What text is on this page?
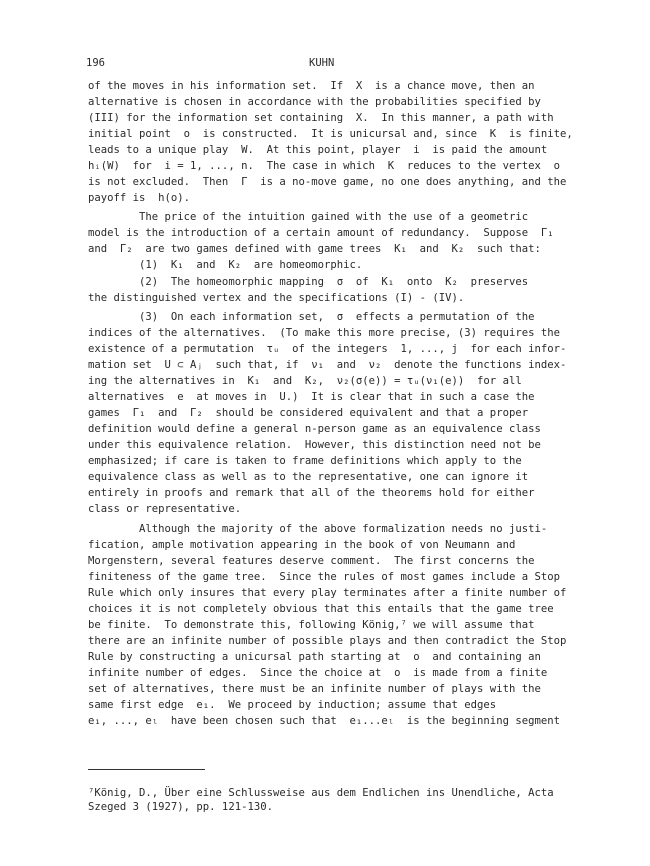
196	KUHN
of the moves in his information set.  If  X  is a chance move, then an
alternative is chosen in accordance with the probabilities specified by
(III) for the information set containing  X.  In this manner, a path with
initial point  o  is constructed.  It is unicursal and, since  K  is finite,
leads to a unique play  W.  At this point, player  i  is paid the amount
hᵢ(W)  for  i = 1, ..., n.  The case in which  K  reduces to the vertex  o
is not excluded.  Then  Γ  is a no-move game, no one does anything, and the
payoff is  h(o).
The price of the intuition gained with the use of a geometric
model is the introduction of a certain amount of redundancy.  Suppose  Γ₁
and  Γ₂  are two games defined with game trees  K₁  and  K₂  such that:
(1)  K₁  and  K₂  are homeomorphic.
(2)  The homeomorphic mapping  σ  of  K₁  onto  K₂  preserves
the distinguished vertex and the specifications (I) - (IV).
(3)  On each information set,  σ  effects a permutation of the
indices of the alternatives.  (To make this more precise, (3) requires the
existence of a permutation  τᵤ  of the integers  1, ..., j  for each infor-
mation set  U ⊂ Aⱼ  such that, if  ν₁  and  ν₂  denote the functions index-
ing the alternatives in  K₁  and  K₂,  ν₂(σ(e)) = τᵤ(ν₁(e))  for all
alternatives  e  at moves in  U.)  It is clear that in such a case the
games  Γ₁  and  Γ₂  should be considered equivalent and that a proper
definition would define a general n-person game as an equivalence class
under this equivalence relation.  However, this distinction need not be
emphasized; if care is taken to frame definitions which apply to the
equivalence class as well as to the representative, one can ignore it
entirely in proofs and remark that all of the theorems hold for either
class or representative.
Although the majority of the above formalization needs no justi-
fication, ample motivation appearing in the book of von Neumann and
Morgenstern, several features deserve comment.  The first concerns the
finiteness of the game tree.  Since the rules of most games include a Stop
Rule which only insures that every play terminates after a finite number of
choices it is not completely obvious that this entails that the game tree
be finite.  To demonstrate this, following König,⁷ we will assume that
there are an infinite number of possible plays and then contradict the Stop
Rule by constructing a unicursal path starting at  o  and containing an
infinite number of edges.  Since the choice at  o  is made from a finite
set of alternatives, there must be an infinite number of plays with the
same first edge  e₁.  We proceed by induction; assume that edges
e₁, ..., eₗ  have been chosen such that  e₁...eₗ  is the beginning segment
⁷König, D., Über eine Schlussweise aus dem Endlichen ins Unendliche, Acta
Szeged 3 (1927), pp. 121-130.
